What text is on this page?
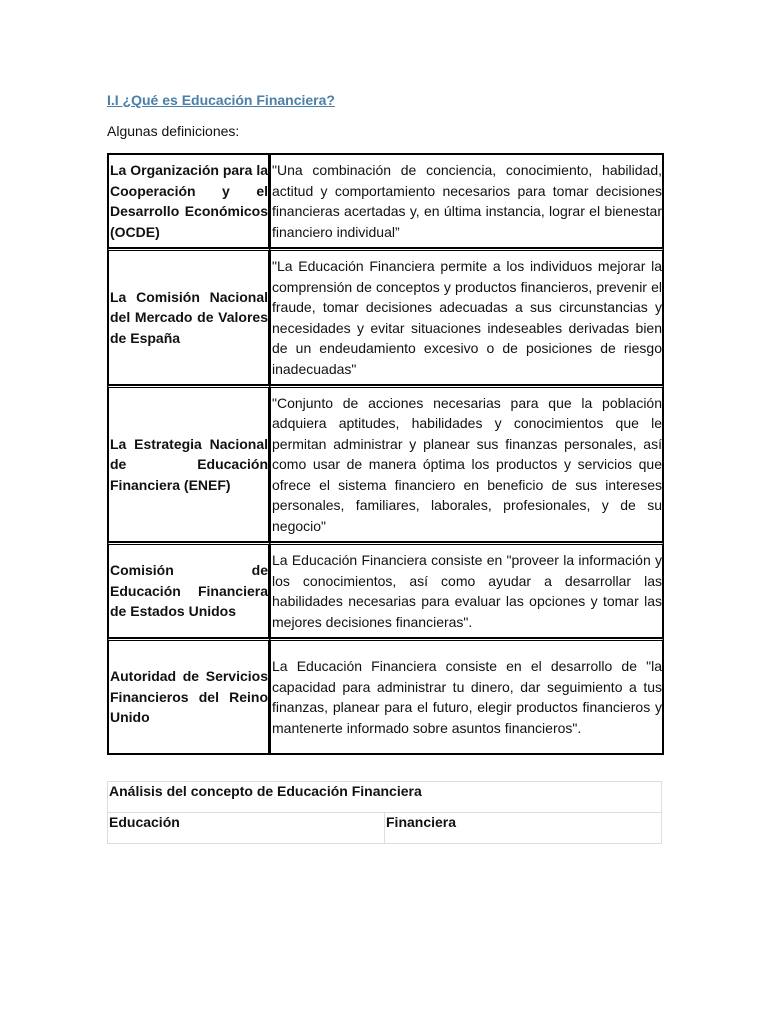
I.I ¿Qué es Educación Financiera?

Algunas definiciones:

La Organización para la Cooperación y el Desarrollo Económicos (OCDE)	"Una combinación de conciencia, conocimiento, habilidad, actitud y comportamiento necesarios para tomar decisiones financieras acertadas y, en última instancia, lograr el bienestar financiero individual”
La Comisión Nacional del Mercado de Valores de España	"La Educación Financiera permite a los individuos mejorar la comprensión de conceptos y productos financieros, prevenir el fraude, tomar decisiones adecuadas a sus circunstancias y necesidades y evitar situaciones indeseables derivadas bien de un endeudamiento excesivo o de posiciones de riesgo inadecuadas"
La Estrategia Nacional de Educación Financiera (ENEF)	"Conjunto de acciones necesarias para que la población adquiera aptitudes, habilidades y conocimientos que le permitan administrar y planear sus finanzas personales, así como usar de manera óptima los productos y servicios que ofrece el sistema financiero en beneficio de sus intereses personales, familiares, laborales, profesionales, y de su negocio"
Comisión de Educación Financiera de Estados Unidos	La Educación Financiera consiste en "proveer la información y los conocimientos, así como ayudar a desarrollar las habilidades necesarias para evaluar las opciones y tomar las mejores decisiones financieras".
Autoridad de Servicios Financieros del Reino Unido	La Educación Financiera consiste en el desarrollo de "la capacidad para administrar tu dinero, dar seguimiento a tus finanzas, planear para el futuro, elegir productos financieros y mantenerte informado sobre asuntos financieros".
Análisis del concepto de Educación Financiera
Educación	Financiera
